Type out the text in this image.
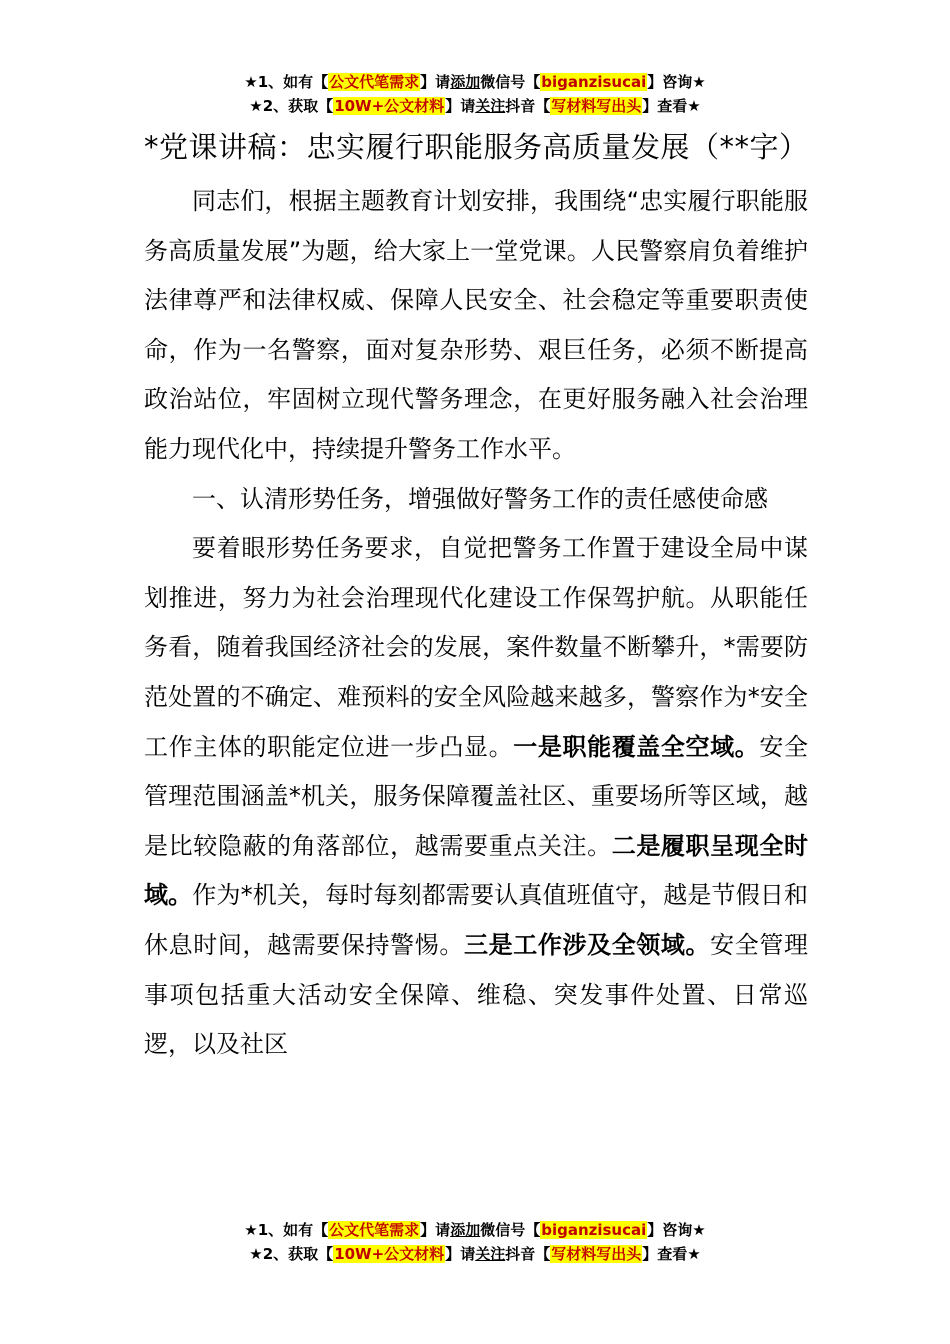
★1、如有【公文代笔需求】请添加微信号【biganzisucai】咨询★
★2、获取【10W+公文材料】请关注抖音【写材料写出头】查看★
*党课讲稿：忠实履行职能服务高质量发展（**字）

同志们，根据主题教育计划安排，我围绕“忠实履行职能服务高质量发展”为题，给大家上一堂党课。人民警察肩负着维护法律尊严和法律权威、保障人民安全、社会稳定等重要职责使命，作为一名警察，面对复杂形势、艰巨任务，必须不断提高政治站位，牢固树立现代警务理念，在更好服务融入社会治理能力现代化中，持续提升警务工作水平。

一、认清形势任务，增强做好警务工作的责任感使命感

要着眼形势任务要求，自觉把警务工作置于建设全局中谋划推进，努力为社会治理现代化建设工作保驾护航。从职能任务看，随着我国经济社会的发展，案件数量不断攀升，*需要防范处置的不确定、难预料的安全风险越来越多，警察作为*安全工作主体的职能定位进一步凸显。一是职能覆盖全空域。安全管理范围涵盖*机关，服务保障覆盖社区、重要场所等区域，越是比较隐蔽的角落部位，越需要重点关注。二是履职呈现全时域。作为*机关，每时每刻都需要认真值班值守，越是节假日和休息时间，越需要保持警惕。三是工作涉及全领域。安全管理事项包括重大活动安全保障、维稳、突发事件处置、日常巡逻，以及社区

★1、如有【公文代笔需求】请添加微信号【biganzisucai】咨询★
★2、获取【10W+公文材料】请关注抖音【写材料写出头】查看★
